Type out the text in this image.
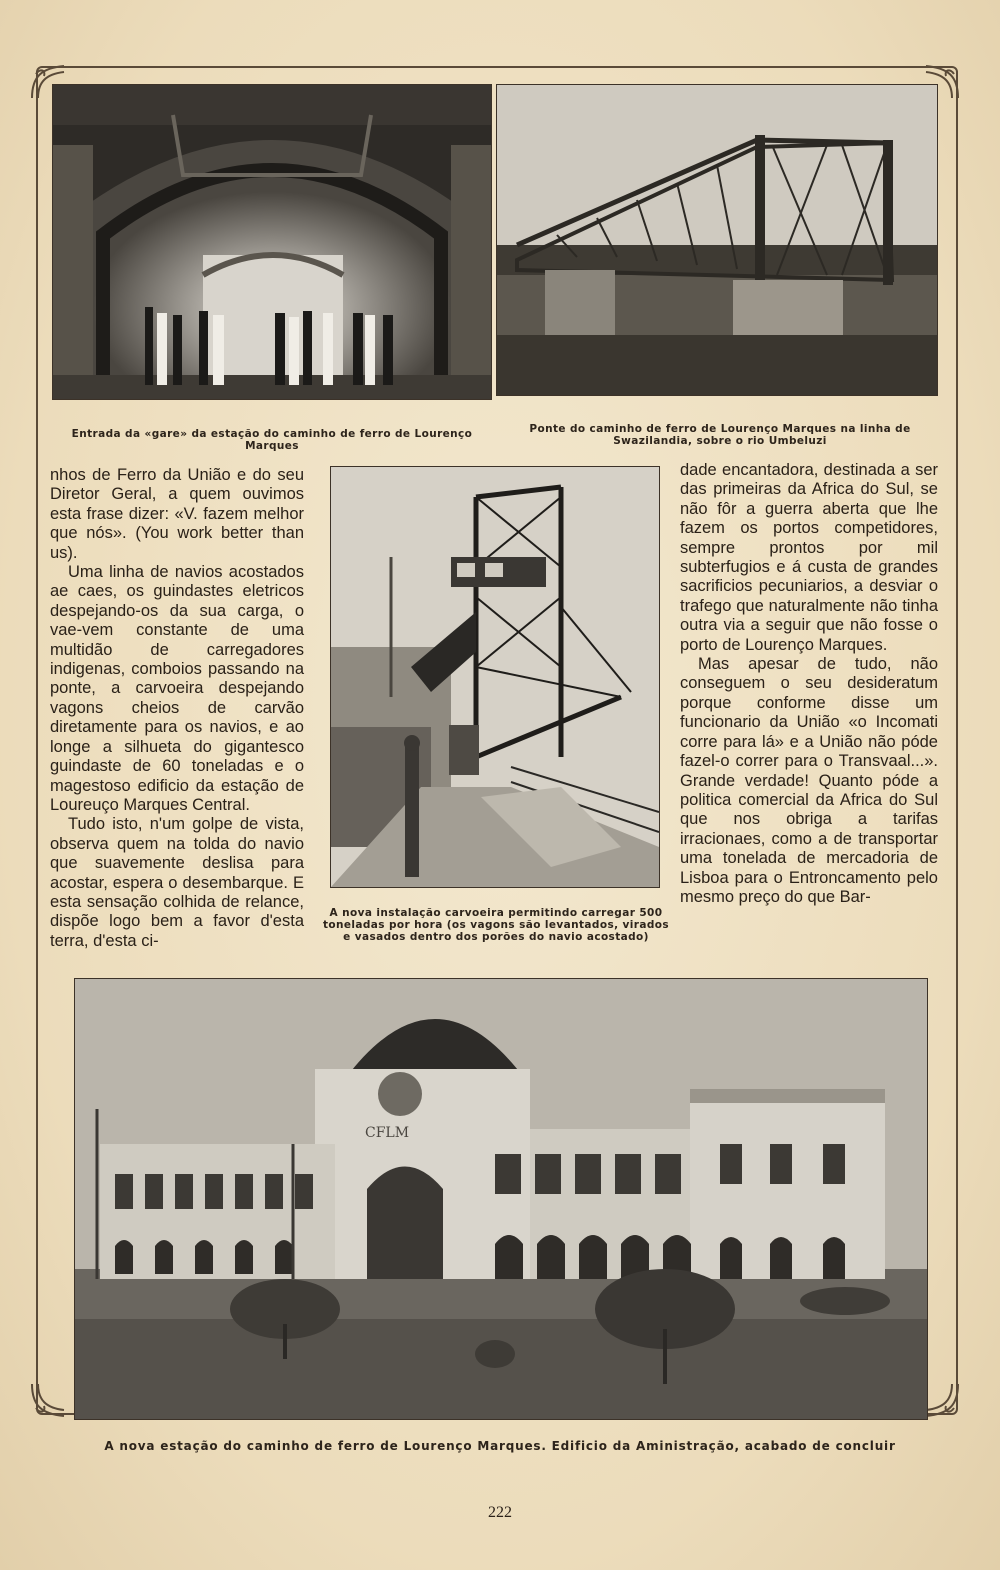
Entrada da «gare» da estação do caminho de ferro de Lourenço Marques
Ponte do caminho de ferro de Lourenço Marques na linha de Swazilandia, sobre o rio Umbeluzi

nhos de Ferro da União e do seu Diretor Geral, a quem ouvimos esta frase dizer: «V. fazem melhor que nós». (You work better than us).

Uma linha de navios acostados ae caes, os guindastes eletricos despejando-os da sua carga, o vae-vem constante de uma multidão de carregadores indigenas, comboios passando na ponte, a carvoeira despejando vagons cheios de carvão diretamente para os navios, e ao longe a silhueta do gigantesco guindaste de 60 toneladas e o magestoso edificio da estação de Loureuço Marques Central.

Tudo isto, n'um golpe de vista, observa quem na tolda do navio que suavemente deslisa para acostar, espera o desembarque. E esta sensação colhida de relance, dispõe logo bem a favor d'esta terra, d'esta ci-

A nova instalação carvoeira permitindo carregar 500 toneladas por hora (os vagons são levantados, virados e vasados dentro dos porões do navio acostado)

dade encantadora, destinada a ser das primeiras da Africa do Sul, se não fôr a guerra aberta que lhe fazem os portos competidores, sempre prontos por mil subterfugios e á custa de grandes sacrificios pecuniarios, a desviar o trafego que naturalmente não tinha outra via a seguir que não fosse o porto de Lourenço Marques.

Mas apesar de tudo, não conseguem o seu desideratum porque conforme disse um funcionario da União «o Incomati corre para lá» e a União não póde fazel-o correr para o Transvaal...». Grande verdade! Quanto póde a politica comercial da Africa do Sul que nos obriga a tarifas irracionaes, como a de transportar uma tonelada de mercadoria de Lisboa para o Entroncamento pelo mesmo preço do que Bar-

CFLM
A nova estação do caminho de ferro de Lourenço Marques. Edificio da Aministração, acabado de concluir
222
